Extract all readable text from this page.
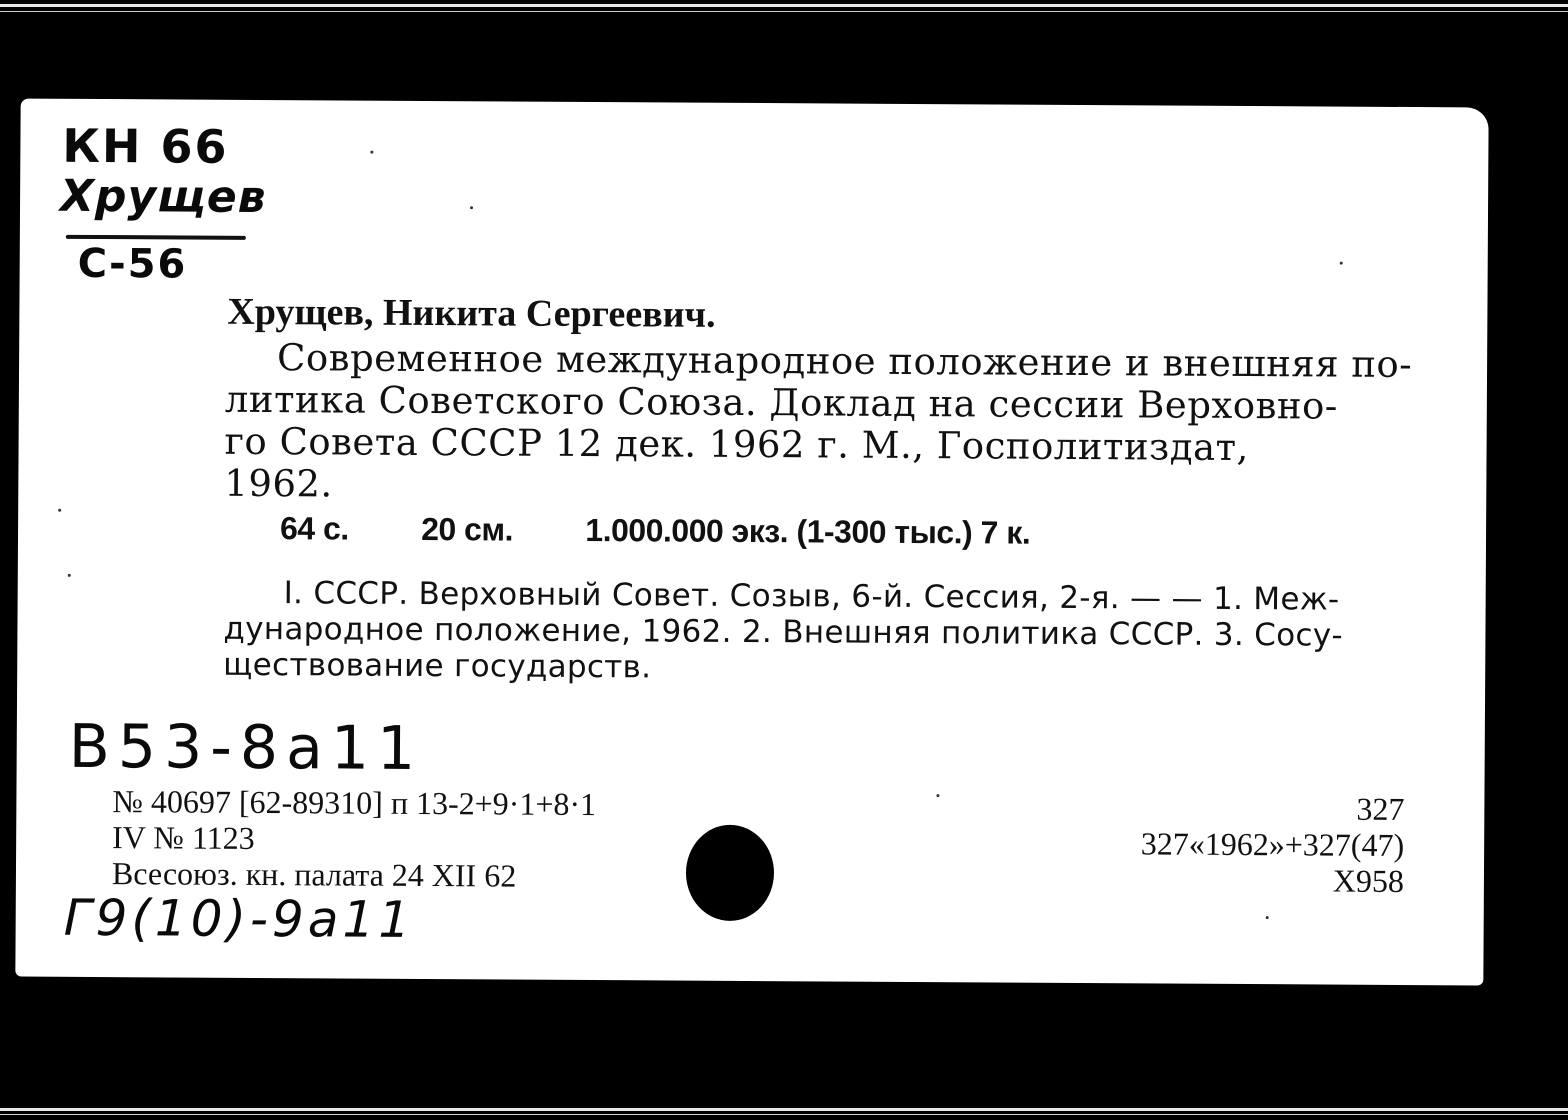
КН 66
Хрущев
С-56
Хрущев, Никита Сергеевич.
Современное международное положение и внешняя по-
литика Советского Союза. Доклад на сессии Верховно-
го Совета СССР 12 дек. 1962 г. М., Госполитиздат,
1962.
64 с. 20 см. 1.000.000 экз. (1-300 тыс.) 7 к.
I. СССР. Верховный Совет. Созыв, 6-й. Сессия, 2-я. — — 1. Меж-
дународное положение, 1962. 2. Внешняя политика СССР. 3. Сосу-
ществование государств.
В53-8а11
№ 40697 [62-89310] п 13-2+9·1+8·1
IV № 1123
Всесоюз. кн. палата 24 XII 62
327
327«1962»+327(47)
Х958
Г9(10)-9а11
